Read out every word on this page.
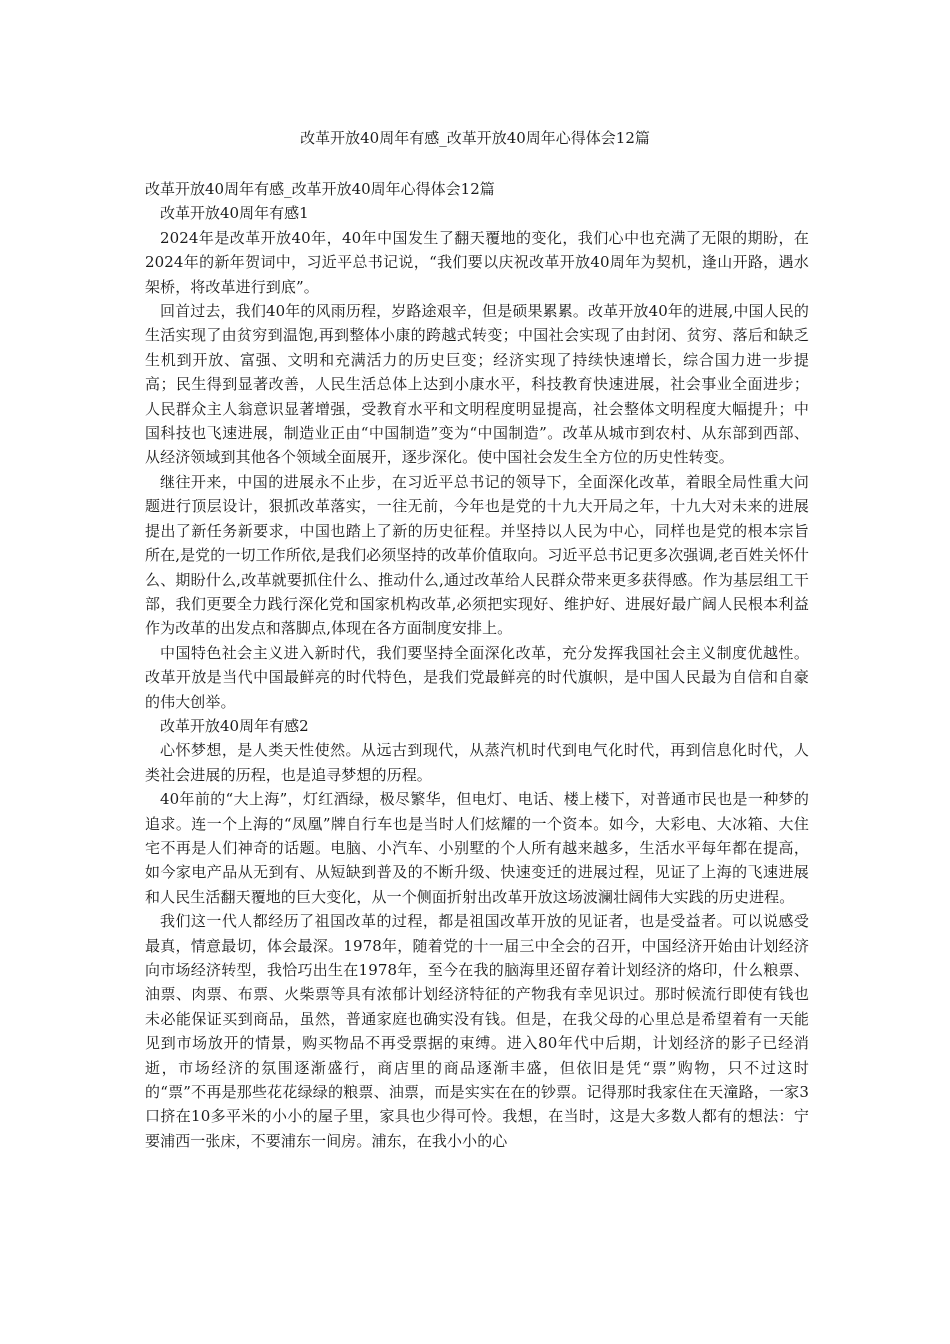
改革开放40周年有感_改革开放40周年心得体会12篇

改革开放40周年有感_改革开放40周年心得体会12篇

改革开放40周年有感1

2024年是改革开放40年，40年中国发生了翻天覆地的变化，我们心中也充满了无限的期盼，在2024年的新年贺词中，习近平总书记说，“我们要以庆祝改革开放40周年为契机，逢山开路，遇水架桥，将改革进行到底”。

回首过去，我们40年的风雨历程，岁路途艰辛，但是硕果累累。改革开放40年的进展,中国人民的生活实现了由贫穷到温饱,再到整体小康的跨越式转变；中国社会实现了由封闭、贫穷、落后和缺乏生机到开放、富强、文明和充满活力的历史巨变；经济实现了持续快速增长，综合国力进一步提高；民生得到显著改善，人民生活总体上达到小康水平，科技教育快速进展，社会事业全面进步；人民群众主人翁意识显著增强，受教育水平和文明程度明显提高，社会整体文明程度大幅提升；中国科技也飞速进展，制造业正由“中国制造”变为“中国制造”。改革从城市到农村、从东部到西部、从经济领域到其他各个领域全面展开，逐步深化。使中国社会发生全方位的历史性转变。

继往开来，中国的进展永不止步，在习近平总书记的领导下，全面深化改革，着眼全局性重大问题进行顶层设计，狠抓改革落实，一往无前，今年也是党的十九大开局之年，十九大对未来的进展提出了新任务新要求，中国也踏上了新的历史征程。并坚持以人民为中心，同样也是党的根本宗旨所在,是党的一切工作所依,是我们必须坚持的改革价值取向。习近平总书记更多次强调,老百姓关怀什么、期盼什么,改革就要抓住什么、推动什么,通过改革给人民群众带来更多获得感。作为基层组工干部，我们更要全力践行深化党和国家机构改革,必须把实现好、维护好、进展好最广阔人民根本利益作为改革的出发点和落脚点,体现在各方面制度安排上。

中国特色社会主义进入新时代，我们要坚持全面深化改革，充分发挥我国社会主义制度优越性。改革开放是当代中国最鲜亮的时代特色，是我们党最鲜亮的时代旗帜，是中国人民最为自信和自豪的伟大创举。

改革开放40周年有感2

心怀梦想，是人类天性使然。从远古到现代，从蒸汽机时代到电气化时代，再到信息化时代，人类社会进展的历程，也是追寻梦想的历程。

40年前的“大上海”，灯红酒绿，极尽繁华，但电灯、电话、楼上楼下，对普通市民也是一种梦的追求。连一个上海的“凤凰”牌自行车也是当时人们炫耀的一个资本。如今，大彩电、大冰箱、大住宅不再是人们神奇的话题。电脑、小汽车、小别墅的个人所有越来越多，生活水平每年都在提高，如今家电产品从无到有、从短缺到普及的不断升级、快速变迁的进展过程，见证了上海的飞速进展和人民生活翻天覆地的巨大变化，从一个侧面折射出改革开放这场波澜壮阔伟大实践的历史进程。

我们这一代人都经历了祖国改革的过程，都是祖国改革开放的见证者，也是受益者。可以说感受最真，情意最切，体会最深。1978年，随着党的十一届三中全会的召开，中国经济开始由计划经济向市场经济转型，我恰巧出生在1978年，至今在我的脑海里还留存着计划经济的烙印，什么粮票、油票、肉票、布票、火柴票等具有浓郁计划经济特征的产物我有幸见识过。那时候流行即使有钱也未必能保证买到商品，虽然，普通家庭也确实没有钱。但是，在我父母的心里总是希望着有一天能见到市场放开的情景，购买物品不再受票据的束缚。进入80年代中后期，计划经济的影子已经消逝，市场经济的氛围逐渐盛行，商店里的商品逐渐丰盛，但依旧是凭“票”购物，只不过这时的“票”不再是那些花花绿绿的粮票、油票，而是实实在在的钞票。记得那时我家住在天潼路，一家3口挤在10多平米的小小的屋子里，家具也少得可怜。我想，在当时，这是大多数人都有的想法：宁要浦西一张床，不要浦东一间房。浦东，在我小小的心
